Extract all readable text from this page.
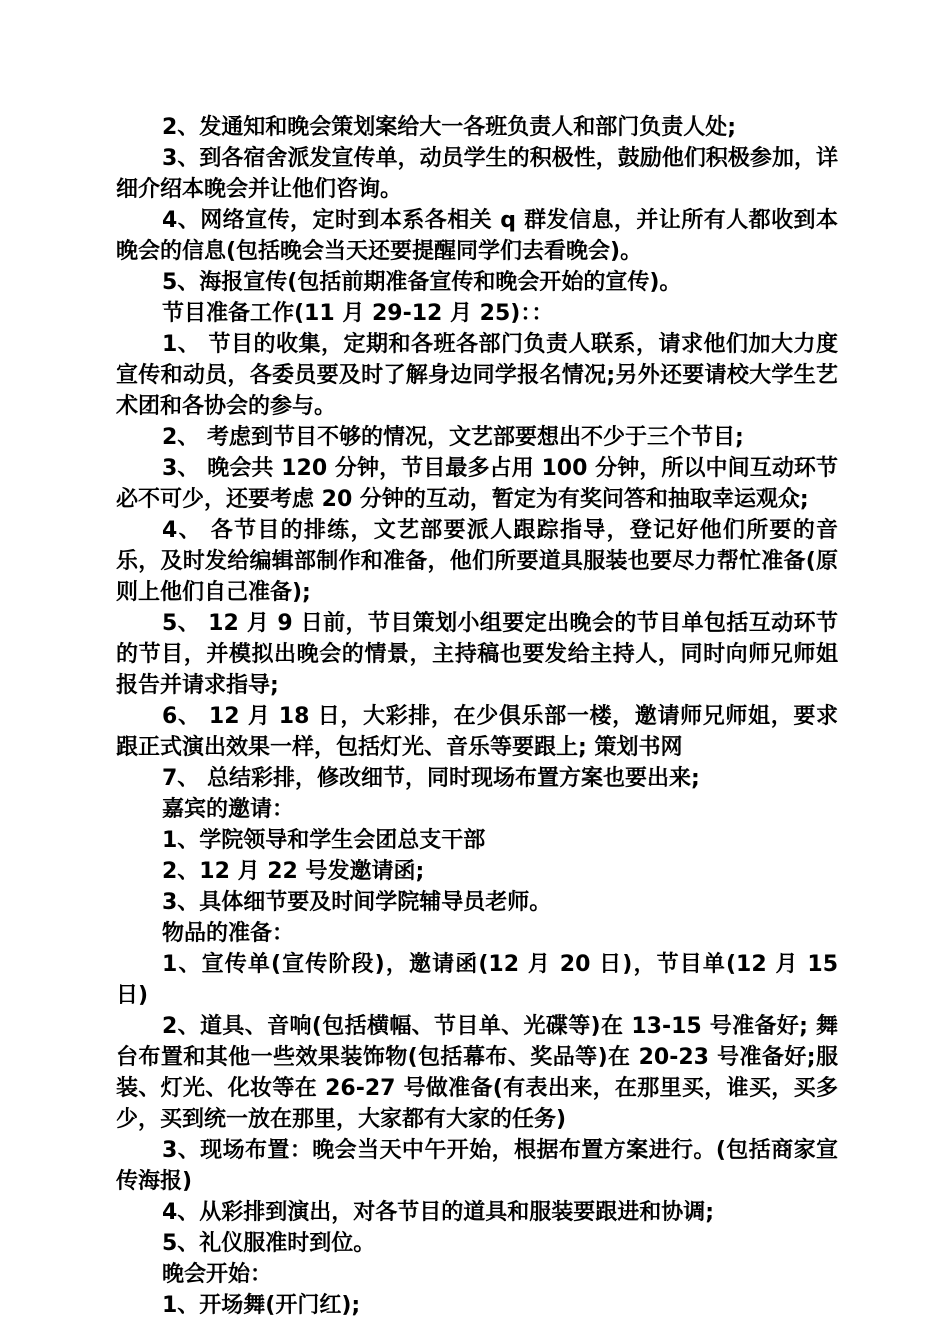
2、发通知和晚会策划案给大一各班负责人和部门负责人处;

3、到各宿舍派发宣传单，动员学生的积极性，鼓励他们积极参加，详细介绍本晚会并让他们咨询。

4、网络宣传，定时到本系各相关 q 群发信息，并让所有人都收到本晚会的信息(包括晚会当天还要提醒同学们去看晚会)。

5、海报宣传(包括前期准备宣传和晚会开始的宣传)。

节目准备工作(11 月 29-12 月 25)：：

1、 节目的收集，定期和各班各部门负责人联系，请求他们加大力度宣传和动员，各委员要及时了解身边同学报名情况;另外还要请校大学生艺术团和各协会的参与。

2、 考虑到节目不够的情况，文艺部要想出不少于三个节目;

3、 晚会共 120 分钟，节目最多占用 100 分钟，所以中间互动环节必不可少，还要考虑 20 分钟的互动，暂定为有奖问答和抽取幸运观众;

4、 各节目的排练，文艺部要派人跟踪指导，登记好他们所要的音乐，及时发给编辑部制作和准备，他们所要道具服装也要尽力帮忙准备(原则上他们自己准备);

5、 12 月 9 日前，节目策划小组要定出晚会的节目单包括互动环节的节目，并模拟出晚会的情景，主持稿也要发给主持人，同时向师兄师姐报告并请求指导;

6、 12 月 18 日，大彩排，在少俱乐部一楼，邀请师兄师姐，要求跟正式演出效果一样，包括灯光、音乐等要跟上; 策划书网

7、 总结彩排，修改细节，同时现场布置方案也要出来;

嘉宾的邀请：

1、学院领导和学生会团总支干部

2、12 月 22 号发邀请函;

3、具体细节要及时间学院辅导员老师。

物品的准备：

1、宣传单(宣传阶段)，邀请函(12 月 20 日)，节目单(12 月 15 日)

2、道具、音响(包括横幅、节目单、光碟等)在 13-15 号准备好; 舞台布置和其他一些效果装饰物(包括幕布、奖品等)在 20-23 号准备好;服装、灯光、化妆等在 26-27 号做准备(有表出来，在那里买，谁买，买多少，买到统一放在那里，大家都有大家的任务)

3、现场布置：晚会当天中午开始，根据布置方案进行。(包括商家宣传海报)

4、从彩排到演出，对各节目的道具和服装要跟进和协调;

5、礼仪服准时到位。

晚会开始：

1、开场舞(开门红);
